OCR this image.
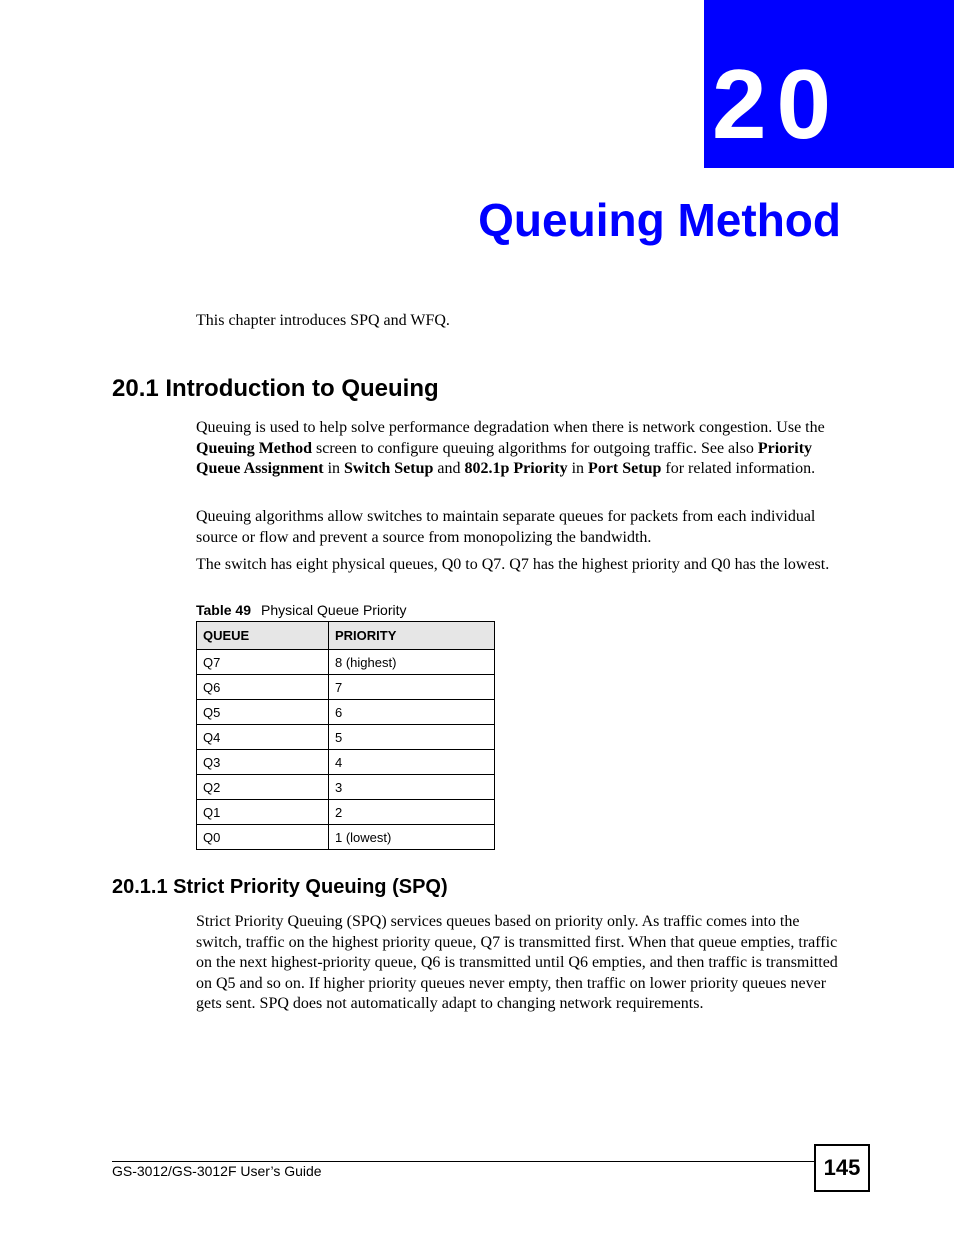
20
Queuing Method
This chapter introduces SPQ and WFQ.
20.1 Introduction to Queuing
Queuing is used to help solve performance degradation when there is network congestion. Use the Queuing Method screen to configure queuing algorithms for outgoing traffic. See also Priority Queue Assignment in Switch Setup and 802.1p Priority in Port Setup for related information.
Queuing algorithms allow switches to maintain separate queues for packets from each individual source or flow and prevent a source from monopolizing the bandwidth.
The switch has eight physical queues, Q0 to Q7. Q7 has the highest priority and Q0 has the lowest.
Table 49 Physical Queue Priority
QUEUE	PRIORITY
Q7	8 (highest)
Q6	7
Q5	6
Q4	5
Q3	4
Q2	3
Q1	2
Q0	1 (lowest)
20.1.1 Strict Priority Queuing (SPQ)
Strict Priority Queuing (SPQ) services queues based on priority only. As traffic comes into the switch, traffic on the highest priority queue, Q7 is transmitted first. When that queue empties, traffic on the next highest-priority queue, Q6 is transmitted until Q6 empties, and then traffic is transmitted on Q5 and so on. If higher priority queues never empty, then traffic on lower priority queues never gets sent. SPQ does not automatically adapt to changing network requirements.
GS-3012/GS-3012F User’s Guide	145
